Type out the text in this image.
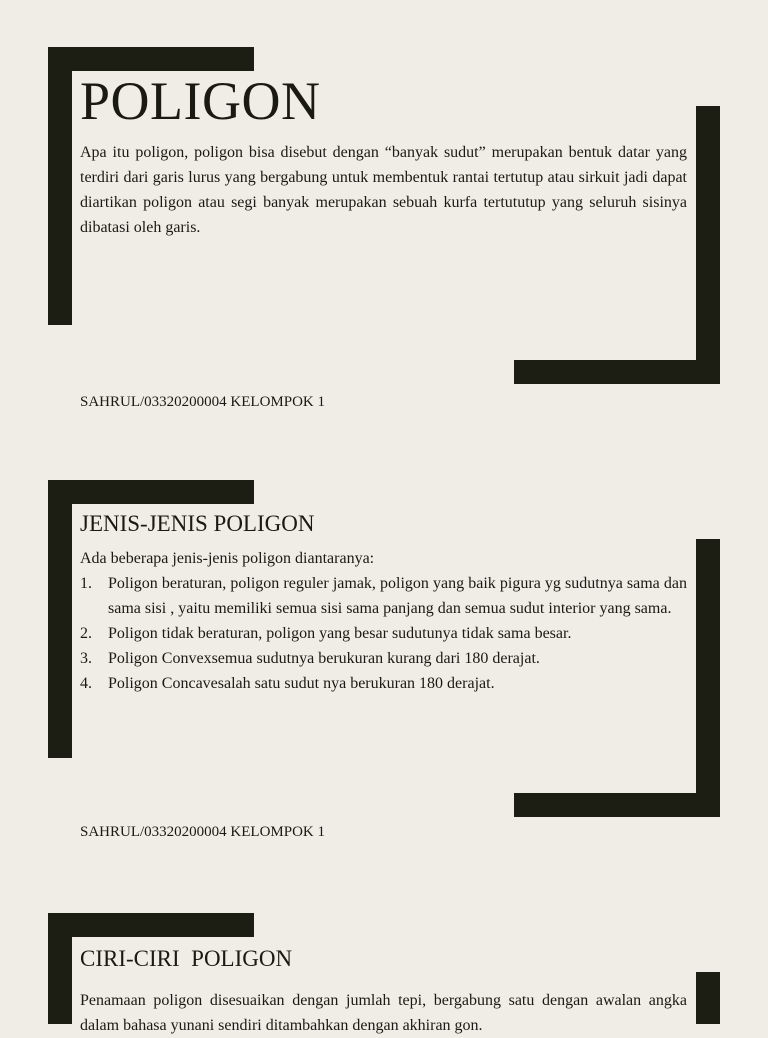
POLIGON

Apa itu poligon, poligon bisa disebut dengan “banyak sudut” merupakan bentuk datar yang terdiri dari garis lurus yang bergabung untuk membentuk rantai tertutup atau sirkuit jadi dapat diartikan poligon atau segi banyak merupakan sebuah kurfa tertututup yang seluruh sisinya dibatasi oleh garis.

SAHRUL/03320200004 KELOMPOK 1

JENIS-JENIS POLIGON
Ada beberapa jenis-jenis poligon diantaranya:
1. Poligon beraturan, poligon reguler jamak, poligon yang baik pigura yg sudutnya sama dan sama sisi , yaitu memiliki semua sisi sama panjang dan semua sudut interior yang sama.
2. Poligon tidak beraturan, poligon yang besar sudutunya tidak sama besar.
3. Poligon Convexsemua sudutnya berukuran kurang dari 180 derajat.
4. Poligon Concavesalah satu sudut nya berukuran 180 derajat.

SAHRUL/03320200004 KELOMPOK 1

CIRI-CIRI  POLIGON

Penamaan poligon disesuaikan dengan jumlah tepi, bergabung satu dengan awalan angka dalam bahasa yunani sendiri ditambahkan dengan akhiran gon.
